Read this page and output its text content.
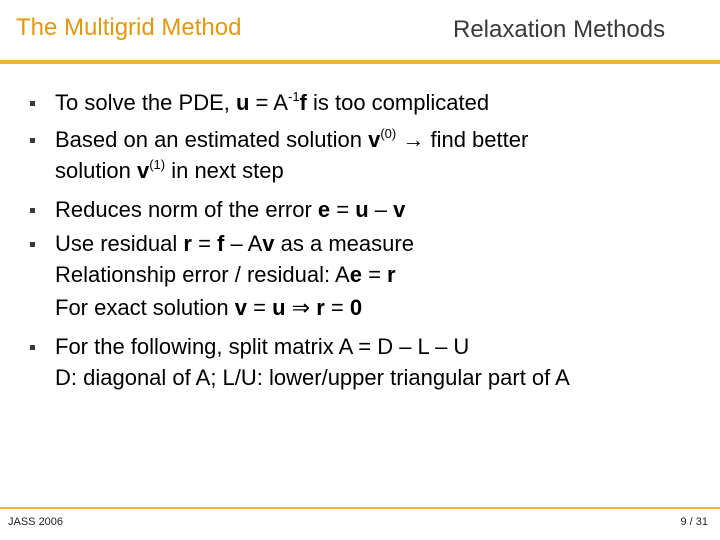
The Multigrid Method	Relaxation Methods
To solve the PDE, $u = A^{-1}f$ is too complicated
Based on an estimated solution $v^{(0)}$ → find better
solution $v^{(1)}$ in next step
Reduces norm of the error e = u – v
Use residual r = f – Av as a measure
Relationship error / residual: Ae = r
For exact solution v = u ⇒ r = 0
For the following, split matrix A = D – L – U
D: diagonal of A; L/U: lower/upper triangular part of A
JASS 2006	9 / 31
